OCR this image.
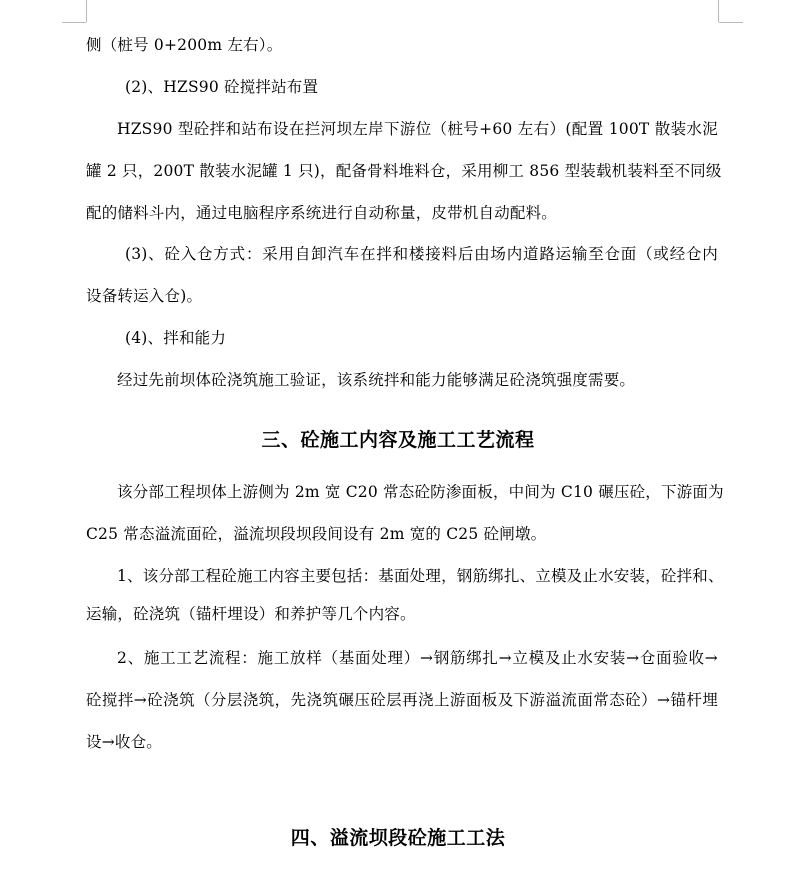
侧（桩号 0+200m 左右）。
(2)、HZS90 砼搅拌站布置
HZS90 型砼拌和站布设在拦河坝左岸下游位（桩号+60 左右）(配置 100T 散装水泥
罐 2 只，200T 散装水泥罐 1 只)，配备骨料堆料仓，采用柳工 856 型装载机装料至不同级
配的储料斗内，通过电脑程序系统进行自动称量，皮带机自动配料。
(3)、砼入仓方式：采用自卸汽车在拌和楼接料后由场内道路运输至仓面（或经仓内
设备转运入仓)。
(4)、拌和能力
经过先前坝体砼浇筑施工验证，该系统拌和能力能够满足砼浇筑强度需要。
三、砼施工内容及施工工艺流程
该分部工程坝体上游侧为 2m 宽 C20 常态砼防渗面板，中间为 C10 碾压砼，下游面为
C25 常态溢流面砼，溢流坝段坝段间设有 2m 宽的 C25 砼闸墩。
1、该分部工程砼施工内容主要包括：基面处理，钢筋绑扎、立模及止水安装，砼拌和、
运输，砼浇筑（锚杆埋设）和养护等几个内容。
2、施工工艺流程：施工放样（基面处理）→钢筋绑扎→立模及止水安装→仓面验收→
砼搅拌→砼浇筑（分层浇筑，先浇筑碾压砼层再浇上游面板及下游溢流面常态砼）→锚杆埋
设→收仓。
四、溢流坝段砼施工工法
